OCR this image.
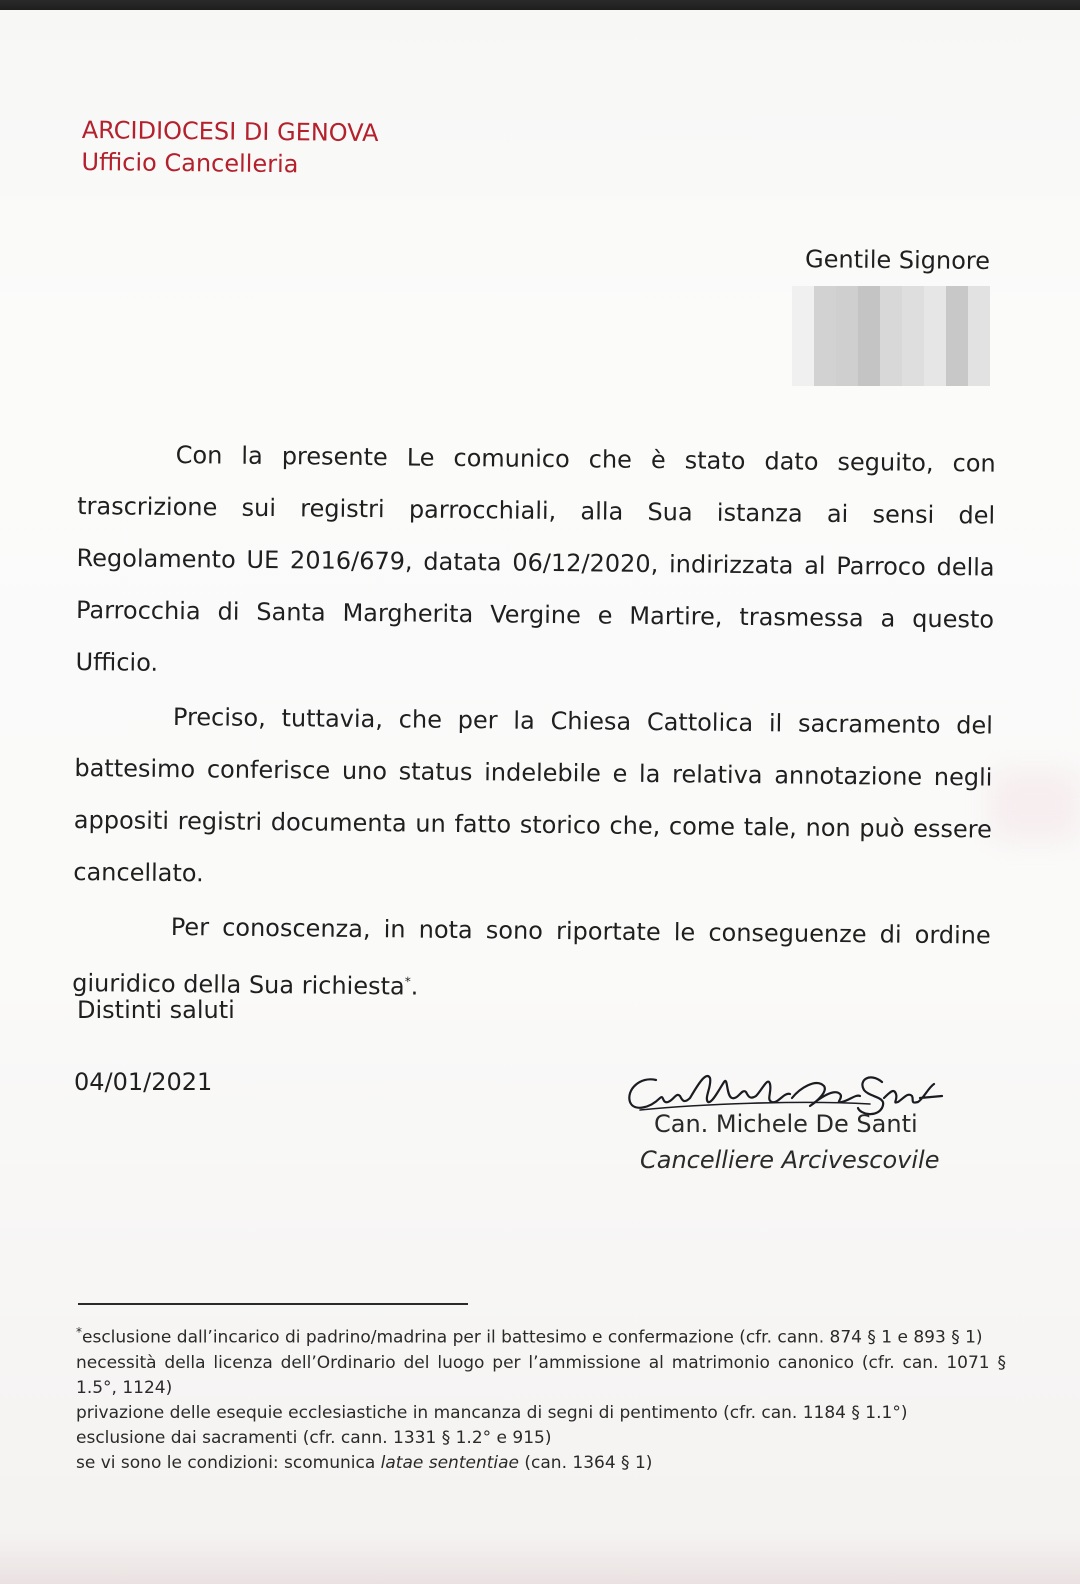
ARCIDIOCESI DI GENOVA
Ufficio Cancelleria
Gentile Signore

Con la presente Le comunico che è stato dato seguito, con trascrizione sui registri parrocchiali, alla Sua istanza ai sensi del Regolamento UE 2016/679, datata 06/12/2020, indirizzata al Parroco della Parrocchia di Santa Margherita Vergine e Martire, trasmessa a questo Ufficio.

Preciso, tuttavia, che per la Chiesa Cattolica il sacramento del battesimo conferisce uno status indelebile e la relativa annotazione negli appositi registri documenta un fatto storico che, come tale, non può essere cancellato.

Per conoscenza, in nota sono riportate le conseguenze di ordine giuridico della Sua richiesta*.

Distinti saluti
04/01/2021
Can. Michele De Santi
Cancelliere Arcivescovile
*esclusione dall’incarico di padrino/madrina per il battesimo e confermazione (cfr. cann. 874 § 1 e 893 § 1)
necessità della licenza dell’Ordinario del luogo per l’ammissione al matrimonio canonico (cfr. can. 1071 § 1.5°, 1124)
privazione delle esequie ecclesiastiche in mancanza di segni di pentimento (cfr. can. 1184 § 1.1°)
esclusione dai sacramenti (cfr. cann. 1331 § 1.2° e 915)
se vi sono le condizioni: scomunica latae sententiae (can. 1364 § 1)
